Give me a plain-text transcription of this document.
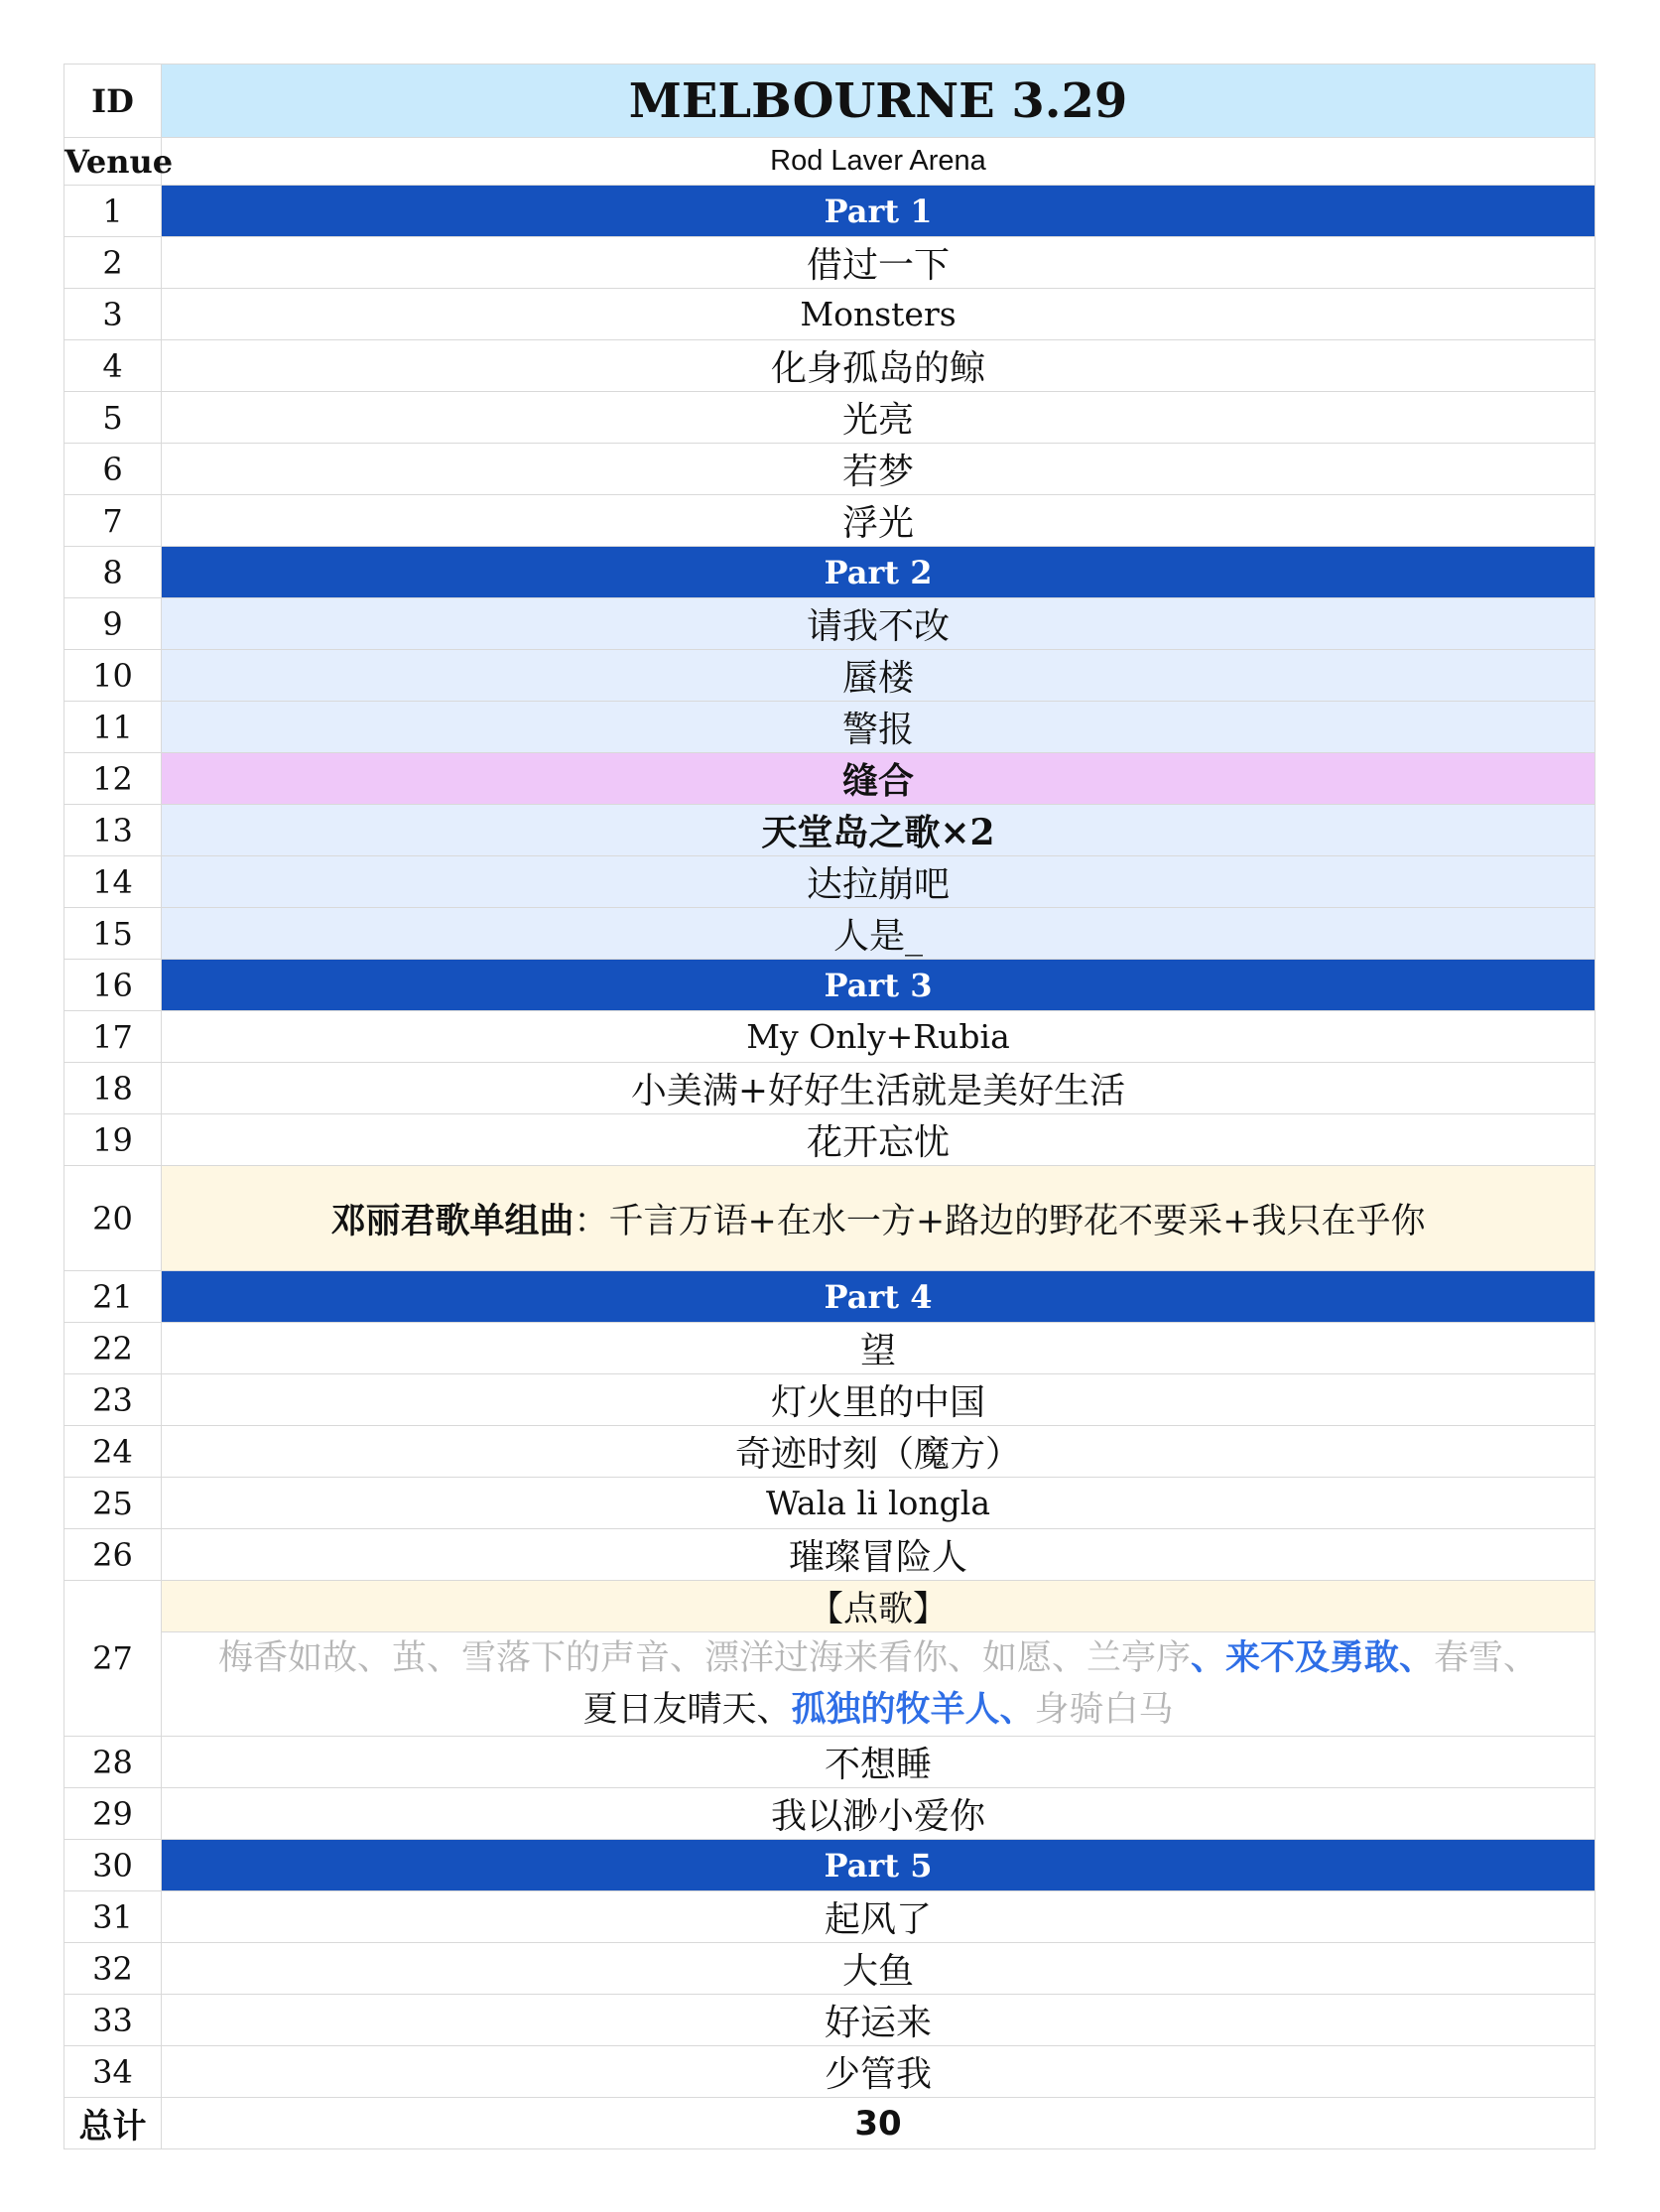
ID	MELBOURNE 3.29
Venue	Rod Laver Arena
1	Part 1
2	借过一下
3	Monsters
4	化身孤岛的鲸
5	光亮
6	若梦
7	浮光
8	Part 2
9	请我不改
10	蜃楼
11	警报
12	缝合
13	天堂岛之歌×2
14	达拉崩吧
15	人是_
16	Part 3
17	My Only+Rubia
18	小美满+好好生活就是美好生活
19	花开忘忧
20	邓丽君歌单组曲：千言万语+在水一方+路边的野花不要采+我只在乎你
21	Part 4
22	望
23	灯火里的中国
24	奇迹时刻（魔方）
25	Wala li longla
26	璀璨冒险人
27	【点歌】
	梅香如故、茧、雪落下的声音、漂洋过海来看你、如愿、兰亭序、来不及勇敢、春雪、
夏日友晴天、孤独的牧羊人、身骑白马
28	不想睡
29	我以渺小爱你
30	Part 5
31	起风了
32	大鱼
33	好运来
34	少管我
总计	30
